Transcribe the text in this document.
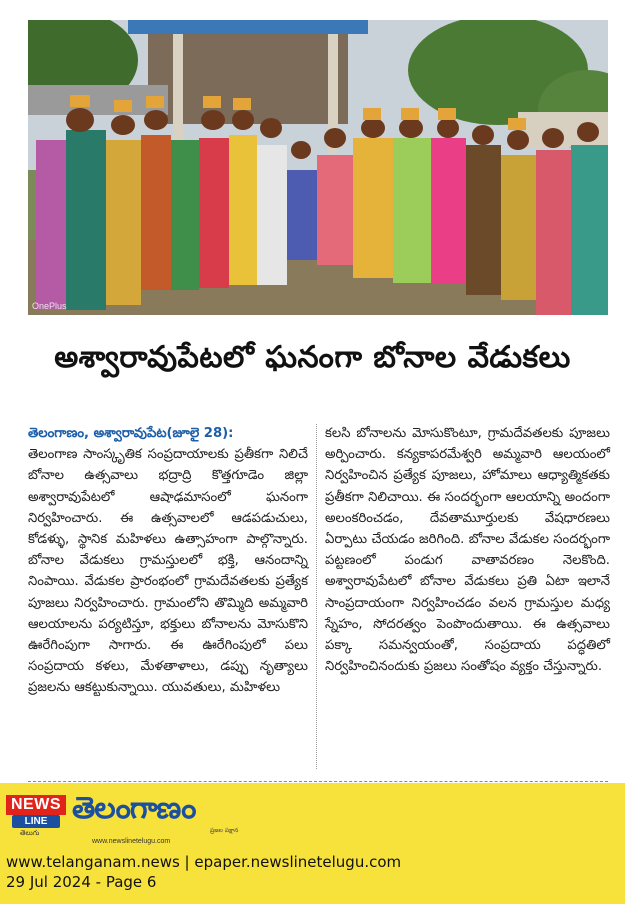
OnePlus
అశ్వారావుపేటలో ఘనంగా బోనాల వేడుకలు
తెలంగాణం, అశ్వారావుపేట(జూలై 28):
తెలంగాణ సాంస్కృతిక సంప్రదాయాలకు ప్రతీకగా నిలిచే బోనాల ఉత్సవాలు భద్రాద్రి కొత్తగూడెం జిల్లా అశ్వారావుపేటలో ఆషాఢమాసంలో ఘనంగా నిర్వహించారు. ఈ ఉత్సవాలలో ఆడపడుచులు, కోడళ్ళు, స్థానిక మహిళలు ఉత్సాహంగా పాల్గొన్నారు. బోనాల వేడుకలు గ్రామస్తులలో భక్తి, ఆనందాన్ని నింపాయి. వేడుకల ప్రారంభంలో గ్రామదేవతలకు ప్రత్యేక పూజలు నిర్వహించారు. గ్రామంలోని తొమ్మిది అమ్మవారి ఆలయాలను పర్యటిస్తూ, భక్తులు బోనాలను మోసుకొని ఊరేగింపుగా సాగారు. ఈ ఊరేగింపులో పలు సంప్రదాయ కళలు, మేళతాళాలు, డప్పు నృత్యాలు ప్రజలను ఆకట్టుకున్నాయి. యువతులు, మహిళలు
కలసి బోనాలను మోసుకొంటూ, గ్రామదేవతలకు పూజలు అర్పించారు. కన్యకాపరమేశ్వరి అమ్మవారి ఆలయంలో నిర్వహించిన ప్రత్యేక పూజలు, హోమాలు ఆధ్యాత్మికతకు ప్రతీకగా నిలిచాయి. ఈ సందర్భంగా ఆలయాన్ని అందంగా అలంకరించడం, దేవతామూర్తులకు వేషధారణలు ఏర్పాటు చేయడం జరిగింది. బోనాల వేడుకల సందర్భంగా పట్టణంలో పండుగ వాతావరణం నెలకొంది. అశ్వారావుపేటలో బోనాల వేడుకలు ప్రతి ఏటా ఇలానే సాంప్రదాయంగా నిర్వహించడం వలన గ్రామస్తుల మధ్య స్నేహం, సోదరత్వం పెంపొందుతాయి. ఈ ఉత్సవాలు పక్కా సమన్వయంతో, సంప్రదాయ పద్ధతిలో నిర్వహించినందుకు ప్రజలు సంతోషం వ్యక్తం చేస్తున్నారు.
NEWS
LINE
తెలుగు
తెలంగాణం
ప్రజల పక్షాన
www.newslinetelugu.com
www.telanganam.news | epaper.newslinetelugu.com
29 Jul 2024 - Page 6
